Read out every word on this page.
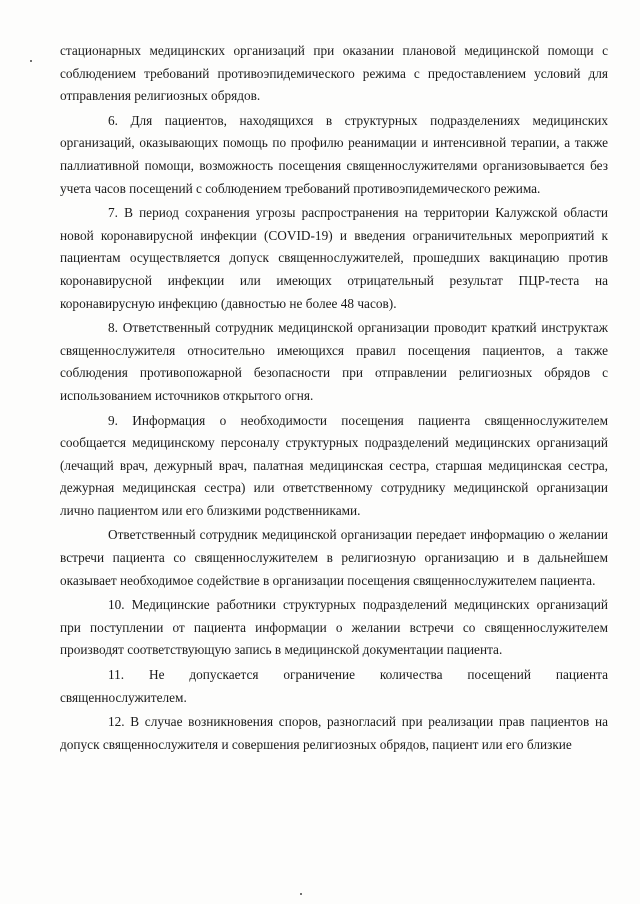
стационарных медицинских организаций при оказании плановой медицинской помощи с соблюдением требований противоэпидемического режима с предоставлением условий для отправления религиозных обрядов.

6. Для пациентов, находящихся в структурных подразделениях медицинских организаций, оказывающих помощь по профилю реанимации и интенсивной терапии, а также паллиативной помощи, возможность посещения священнослужителями организовывается без учета часов посещений с соблюдением требований противоэпидемического режима.

7. В период сохранения угрозы распространения на территории Калужской области новой коронавирусной инфекции (COVID-19) и введения ограничительных мероприятий к пациентам осуществляется допуск священнослужителей, прошедших вакцинацию против коронавирусной инфекции или имеющих отрицательный результат ПЦР-теста на коронавирусную инфекцию (давностью не более 48 часов).

8. Ответственный сотрудник медицинской организации проводит краткий инструктаж священнослужителя относительно имеющихся правил посещения пациентов, а также соблюдения противопожарной безопасности при отправлении религиозных обрядов с использованием источников открытого огня.

9. Информация о необходимости посещения пациента священнослужителем сообщается медицинскому персоналу структурных подразделений медицинских организаций (лечащий врач, дежурный врач, палатная медицинская сестра, старшая медицинская сестра, дежурная медицинская сестра) или ответственному сотруднику медицинской организации лично пациентом или его близкими родственниками.

Ответственный сотрудник медицинской организации передает информацию о желании встречи пациента со священнослужителем в религиозную организацию и в дальнейшем оказывает необходимое содействие в организации посещения священнослужителем пациента.

10. Медицинские работники структурных подразделений медицинских организаций при поступлении от пациента информации о желании встречи со священнослужителем производят соответствующую запись в медицинской документации пациента.

11. Не допускается ограничение количества посещений пациента священнослужителем.

12. В случае возникновения споров, разногласий при реализации прав пациентов на допуск священнослужителя и совершения религиозных обрядов, пациент или его близкие
